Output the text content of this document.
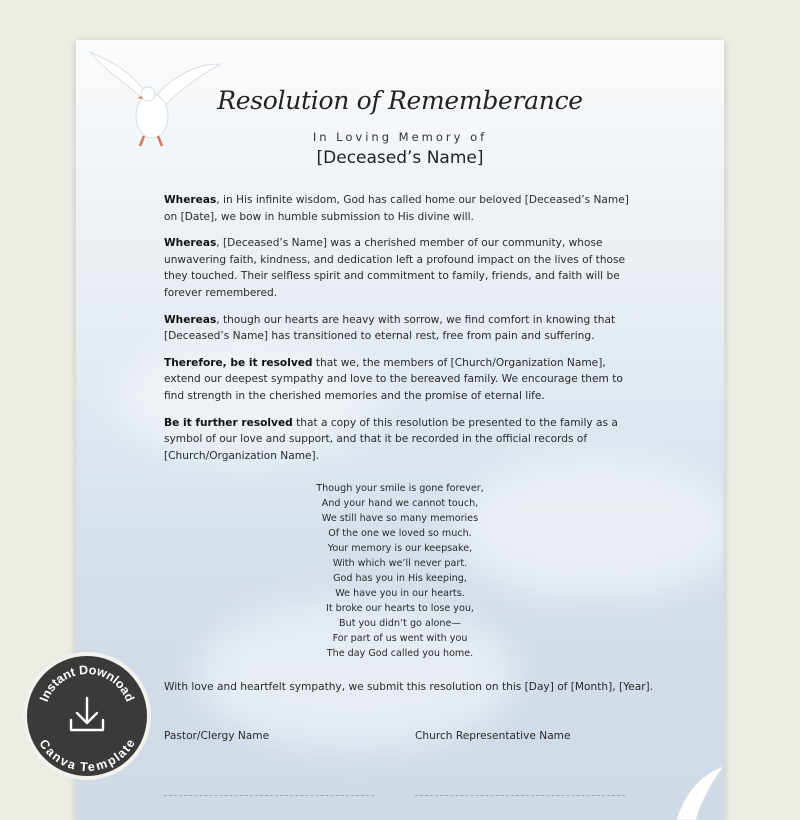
Resolution of Rememberance
In Loving Memory of
[Deceased’s Name]

Whereas, in His infinite wisdom, God has called home our beloved [Deceased’s Name] on [Date], we bow in humble submission to His divine will.

Whereas, [Deceased’s Name] was a cherished member of our community, whose unwavering faith, kindness, and dedication left a profound impact on the lives of those they touched. Their selfless spirit and commitment to family, friends, and faith will be forever remembered.

Whereas, though our hearts are heavy with sorrow, we find comfort in knowing that [Deceased’s Name] has transitioned to eternal rest, free from pain and suffering.

Therefore, be it resolved that we, the members of [Church/Organization Name], extend our deepest sympathy and love to the bereaved family. We encourage them to find strength in the cherished memories and the promise of eternal life.

Be it further resolved that a copy of this resolution be presented to the family as a symbol of our love and support, and that it be recorded in the official records of [Church/Organization Name].

Though your smile is gone forever,
And your hand we cannot touch,
We still have so many memories
Of the one we loved so much.
Your memory is our keepsake,
With which we’ll never part.
God has you in His keeping,
We have you in our hearts.
It broke our hearts to lose you,
But you didn’t go alone—
For part of us went with you
The day God called you home.
With love and heartfelt sympathy, we submit this resolution on this [Day] of [Month], [Year].
Pastor/Clergy Name	Church Representative Name
Instant Download
Canva Template
